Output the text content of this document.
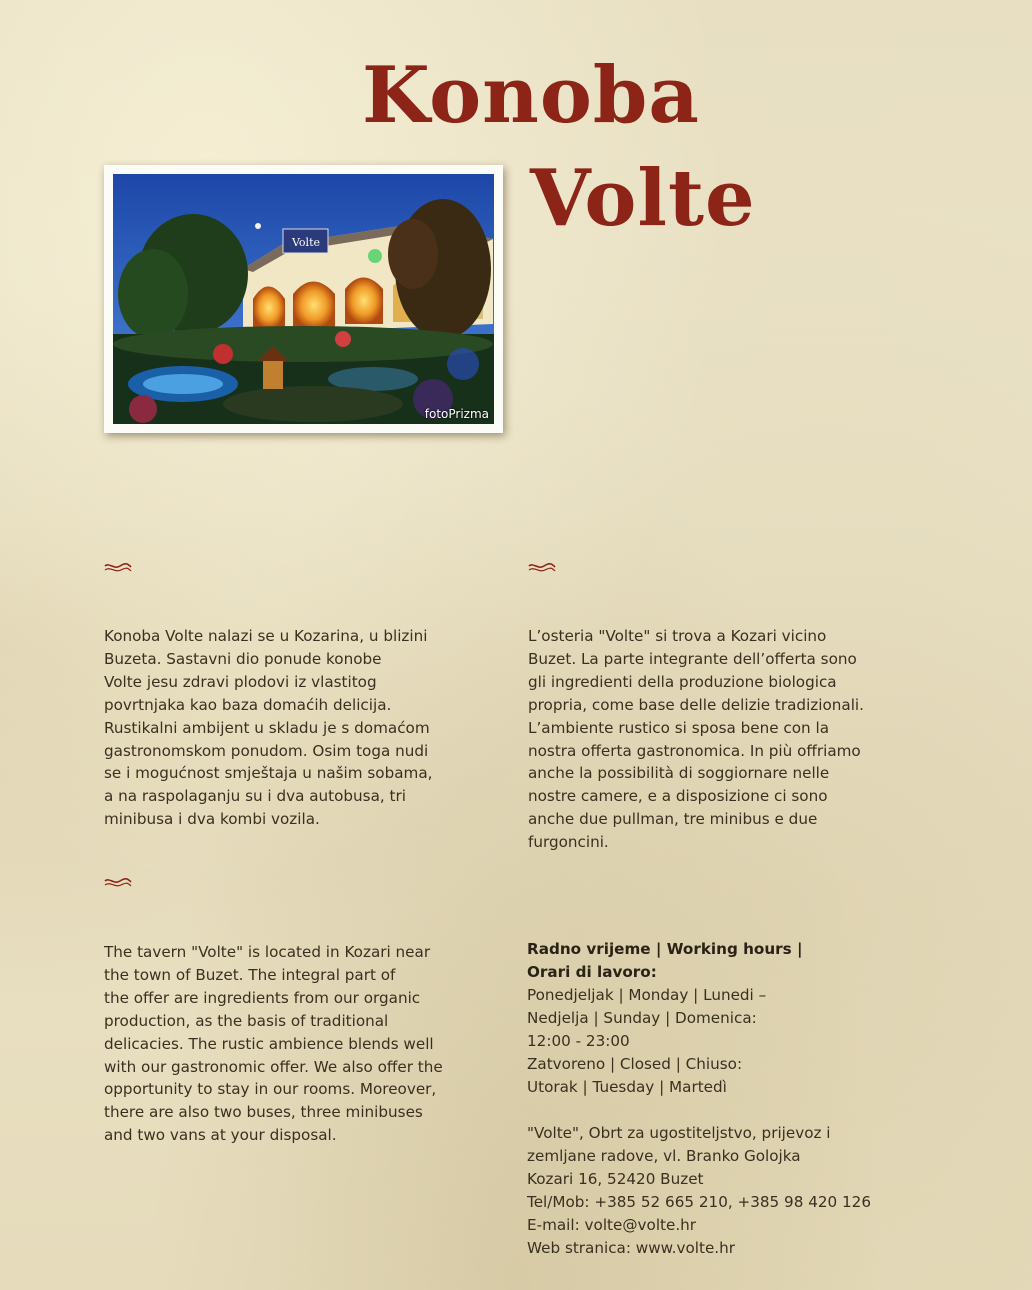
Konoba
Volte
Volte
fotoPrizma

Konoba Volte nalazi se u Kozarina, u blizini
Buzeta. Sastavni dio ponude konobe
Volte jesu zdravi plodovi iz vlastitog
povrtnjaka kao baza domaćih delicija.
Rustikalni ambijent u skladu je s domaćom
gastronomskom ponudom. Osim toga nudi
se i mogućnost smještaja u našim sobama,
a na raspolaganju su i dva autobusa, tri
minibusa i dva kombi vozila.

L’osteria "Volte" si trova a Kozari vicino
Buzet. La parte integrante dell’offerta sono
gli ingredienti della produzione biologica
propria, come base delle delizie tradizionali.
L’ambiente rustico si sposa bene con la
nostra offerta gastronomica. In più offriamo
anche la possibilità di soggiornare nelle
nostre camere, e a disposizione ci sono
anche due pullman, tre minibus e due
furgoncini.

The tavern "Volte" is located in Kozari near
the town of Buzet. The integral part of
the offer are ingredients from our organic
production, as the basis of traditional
delicacies. The rustic ambience blends well
with our gastronomic offer. We also offer the
opportunity to stay in our rooms. Moreover,
there are also two buses, three minibuses
and two vans at your disposal.

Radno vrijeme | Working hours |
Orari di lavoro:

Ponedjeljak | Monday | Lunedi –
Nedjelja | Sunday | Domenica:
12:00 - 23:00
Zatvoreno | Closed | Chiuso:
Utorak | Tuesday | Martedì

"Volte", Obrt za ugostiteljstvo, prijevoz i
zemljane radove, vl. Branko Golojka
Kozari 16, 52420 Buzet
Tel/Mob: +385 52 665 210, +385 98 420 126
E-mail: volte@volte.hr
Web stranica: www.volte.hr
